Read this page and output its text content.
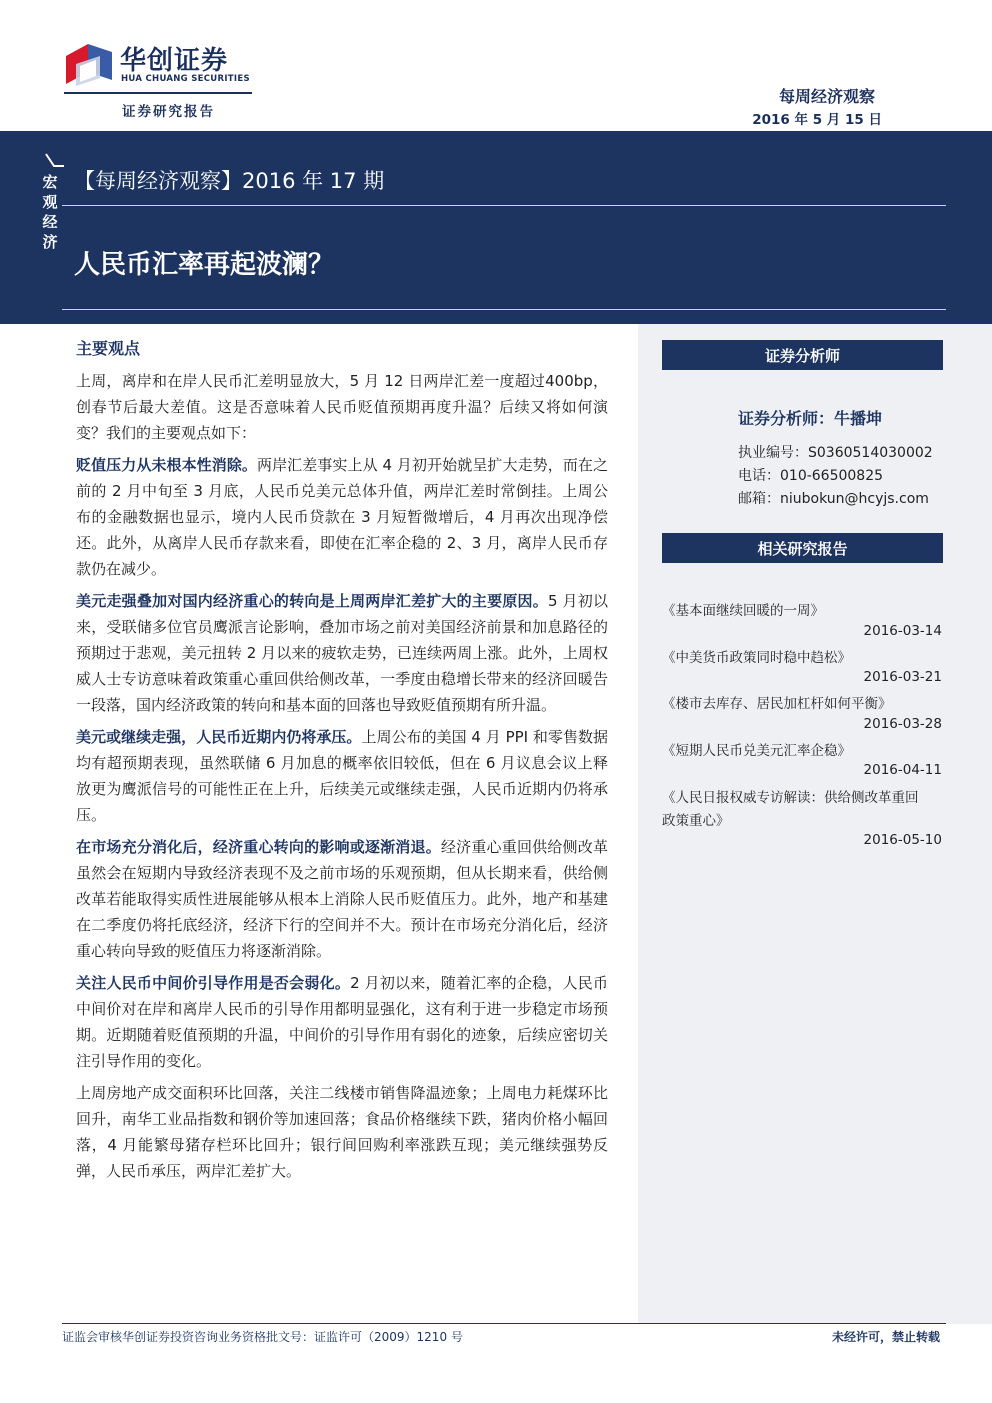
华创证券
HUA CHUANG SECURITIES
证券研究报告
每周经济观察
2016 年 5 月 15 日
宏
观
经
济
【每周经济观察】2016 年 17 期
人民币汇率再起波澜？
证券分析师
证券分析师：牛播坤
执业编号：S0360514030002
电话：010-66500825
邮箱：niubokun@hcyjs.com
相关研究报告
《基本面继续回暖的一周》
2016-03-14
《中美货币政策同时稳中趋松》
2016-03-21
《楼市去库存、居民加杠杆如何平衡》
2016-03-28
《短期人民币兑美元汇率企稳》
2016-04-11
《人民日报权威专访解读：供给侧改革重回
政策重心》
2016-05-10
主要观点

上周，离岸和在岸人民币汇差明显放大，5 月 12 日两岸汇差一度超过400bp，创春节后最大差值。这是否意味着人民币贬值预期再度升温？后续又将如何演变？我们的主要观点如下：

贬值压力从未根本性消除。两岸汇差事实上从 4 月初开始就呈扩大走势，而在之前的 2 月中旬至 3 月底，人民币兑美元总体升值，两岸汇差时常倒挂。上周公布的金融数据也显示，境内人民币贷款在 3 月短暂微增后，4 月再次出现净偿还。此外，从离岸人民币存款来看，即使在汇率企稳的 2、3 月，离岸人民币存款仍在减少。

美元走强叠加对国内经济重心的转向是上周两岸汇差扩大的主要原因。5 月初以来，受联储多位官员鹰派言论影响，叠加市场之前对美国经济前景和加息路径的预期过于悲观，美元扭转 2 月以来的疲软走势，已连续两周上涨。此外，上周权威人士专访意味着政策重心重回供给侧改革，一季度由稳增长带来的经济回暖告一段落，国内经济政策的转向和基本面的回落也导致贬值预期有所升温。

美元或继续走强，人民币近期内仍将承压。上周公布的美国 4 月 PPI 和零售数据均有超预期表现，虽然联储 6 月加息的概率依旧较低，但在 6 月议息会议上释放更为鹰派信号的可能性正在上升，后续美元或继续走强，人民币近期内仍将承压。

在市场充分消化后，经济重心转向的影响或逐渐消退。经济重心重回供给侧改革虽然会在短期内导致经济表现不及之前市场的乐观预期，但从长期来看，供给侧改革若能取得实质性进展能够从根本上消除人民币贬值压力。此外，地产和基建在二季度仍将托底经济，经济下行的空间并不大。预计在市场充分消化后，经济重心转向导致的贬值压力将逐渐消除。

关注人民币中间价引导作用是否会弱化。2 月初以来，随着汇率的企稳，人民币中间价对在岸和离岸人民币的引导作用都明显强化，这有利于进一步稳定市场预期。近期随着贬值预期的升温，中间价的引导作用有弱化的迹象，后续应密切关注引导作用的变化。

上周房地产成交面积环比回落，关注二线楼市销售降温迹象；上周电力耗煤环比回升，南华工业品指数和钢价等加速回落；食品价格继续下跌，猪肉价格小幅回落，4 月能繁母猪存栏环比回升；银行间回购利率涨跌互现；美元继续强势反弹，人民币承压，两岸汇差扩大。

证监会审核华创证券投资咨询业务资格批文号：证监许可（2009）1210 号	未经许可，禁止转载
